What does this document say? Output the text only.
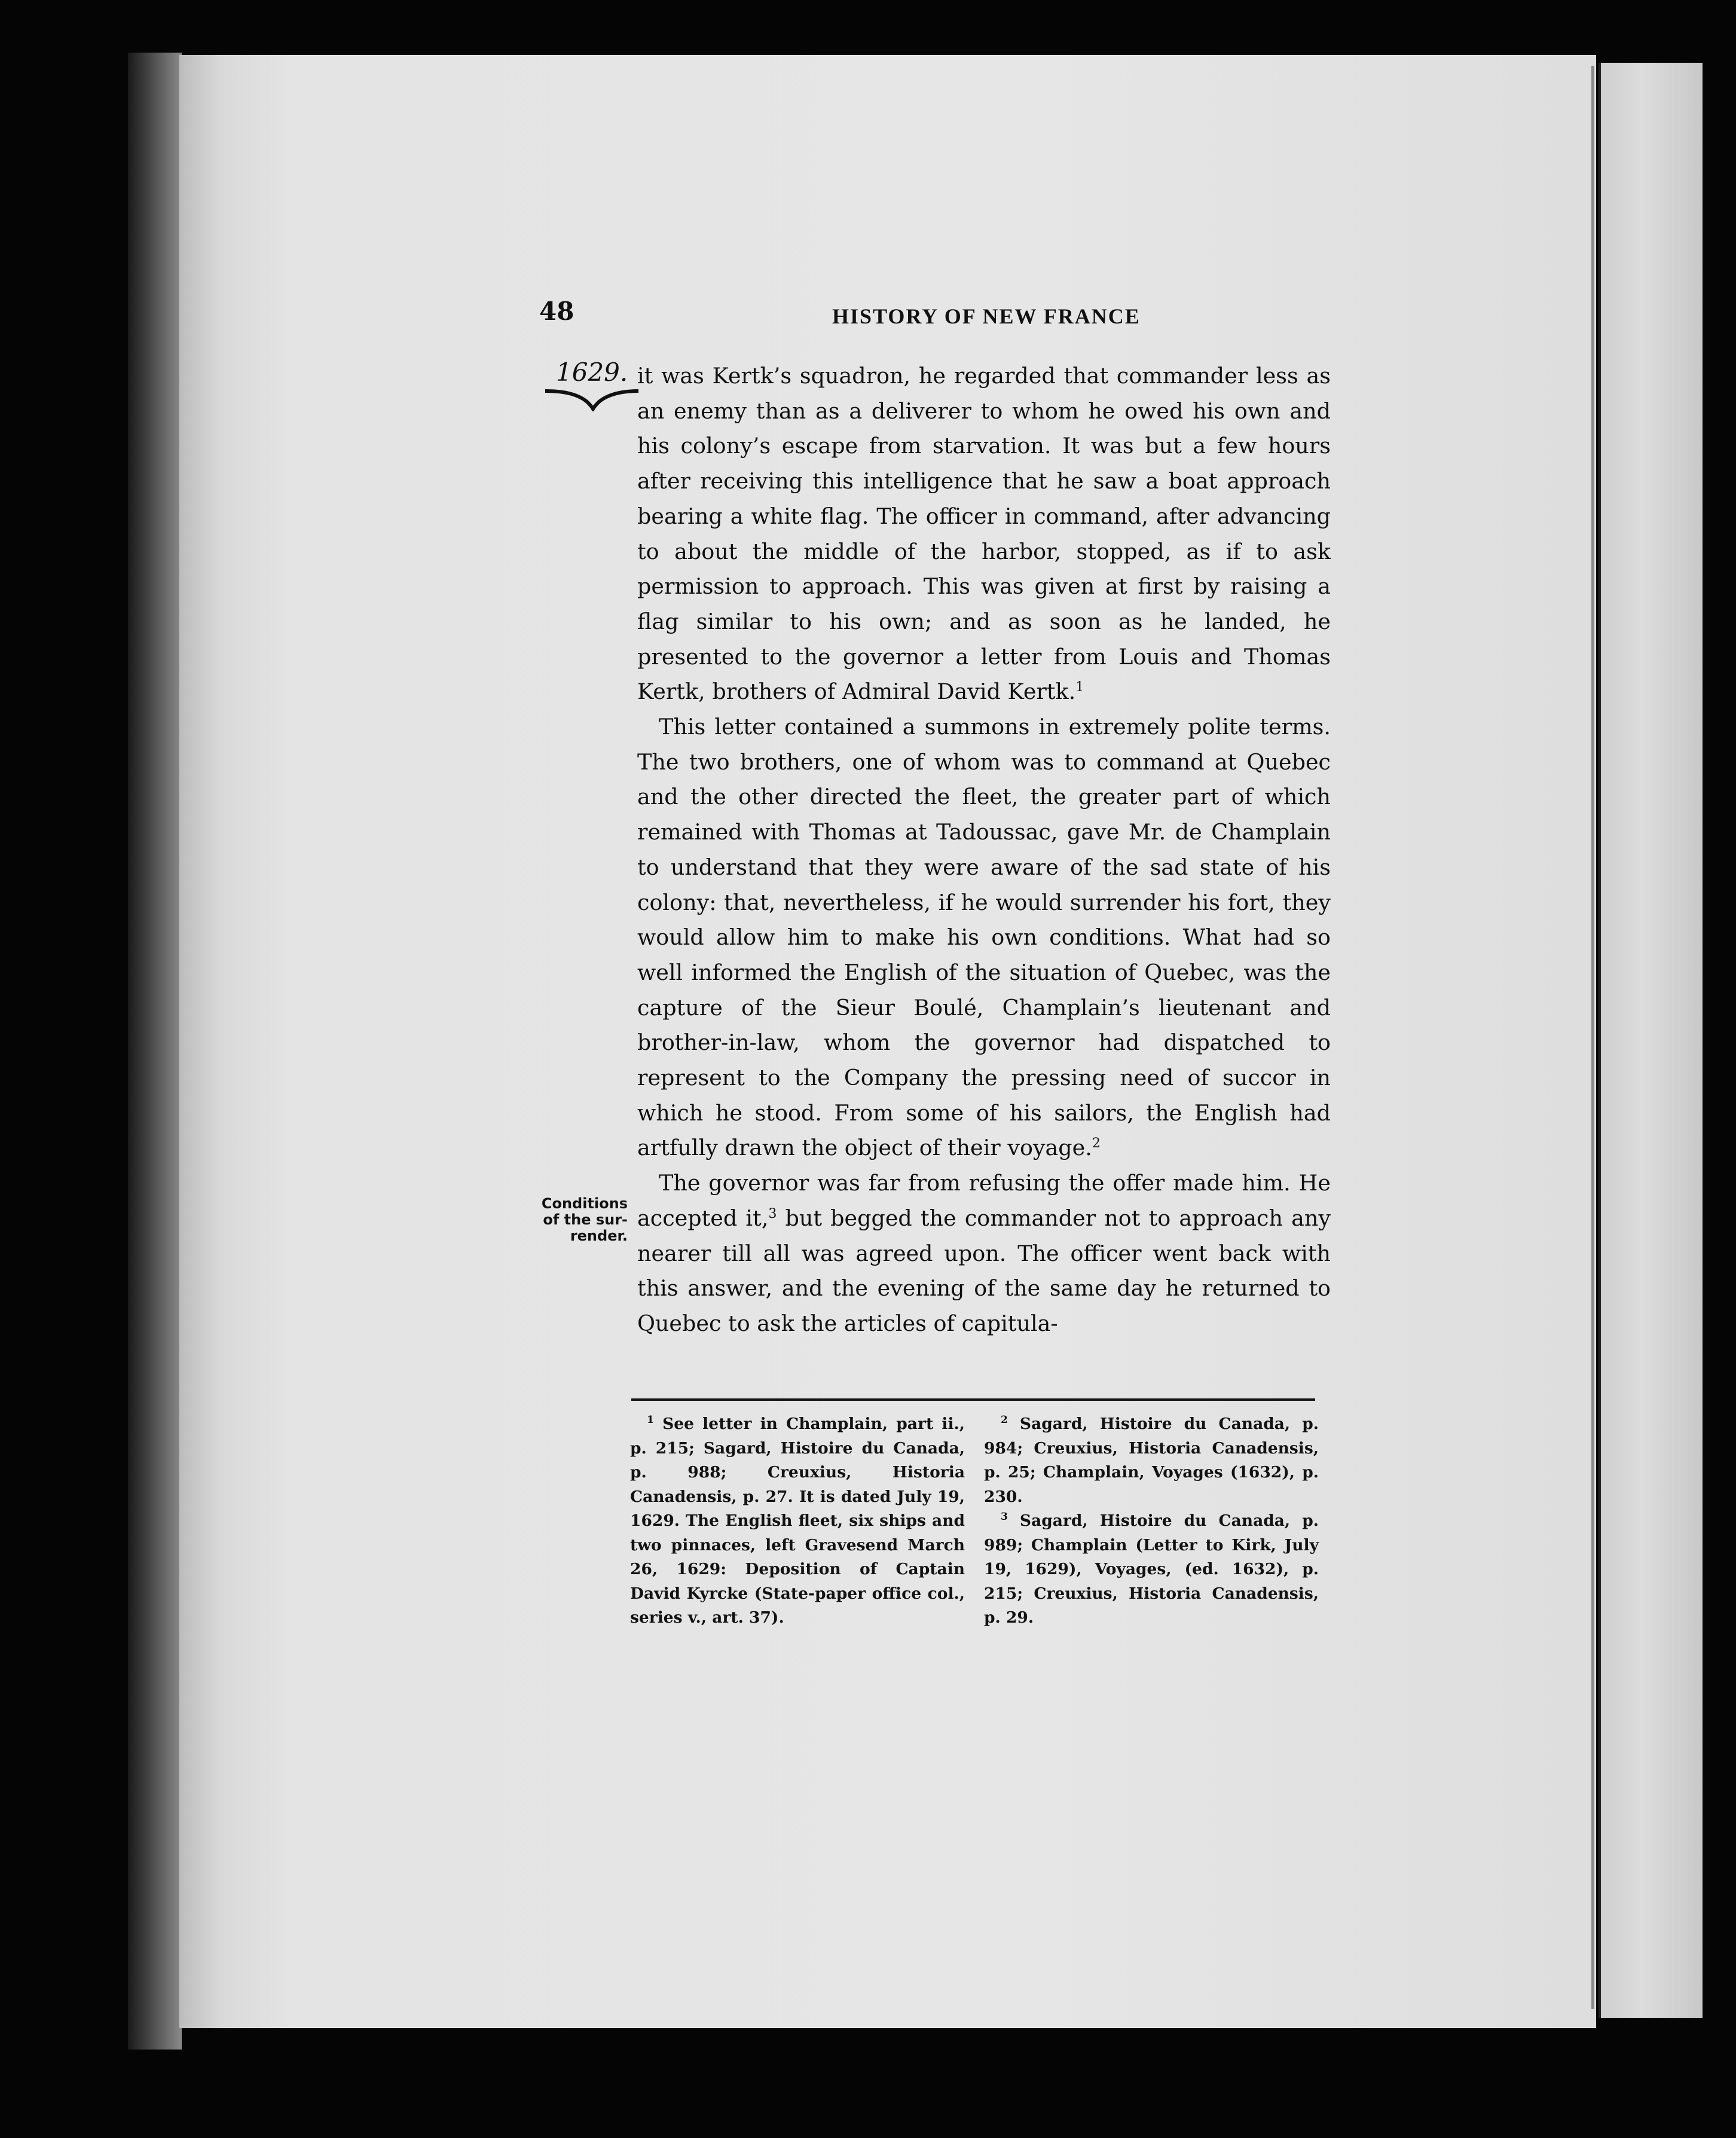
48	HISTORY OF NEW FRANCE
1629. it was Kertk’s squadron, he regarded that commander less as an enemy than as a deliverer to whom he owed his own and his colony’s escape from starvation. It was but a few hours after receiving this intelligence that he saw a boat approach bearing a white flag. The officer in command, after advancing to about the middle of the harbor, stopped, as if to ask permission to approach. This was given at first by raising a flag similar to his own; and as soon as he landed, he presented to the governor a letter from Louis and Thomas Kertk, brothers of Admiral David Kertk.$^1$

This letter contained a summons in extremely polite terms. The two brothers, one of whom was to command at Quebec and the other directed the fleet, the greater part of which remained with Thomas at Tadoussac, gave Mr. de Champlain to understand that they were aware of the sad state of his colony: that, nevertheless, if he would surrender his fort, they would allow him to make his own conditions. What had so well informed the English of the situation of Quebec, was the capture of the Sieur Boulé, Champlain’s lieutenant and brother-in-law, whom the governor had dispatched to represent to the Company the pressing need of succor in which he stood. From some of his sailors, the English had artfully drawn the object of their voyage.$^2$

The governor was far from refusing the offer made him. He accepted it,$^3$ but begged the commander not to approach any nearer till all was agreed upon. The officer went back with this answer, and the evening of the same day he returned to Quebec to ask the articles of capitula-

Conditions
of the sur-
render.

$^1$ See letter in Champlain, part ii., p. 215; Sagard, Histoire du Canada, p. 988; Creuxius, Historia Canadensis, p. 27. It is dated July 19, 1629. The English fleet, six ships and two pinnaces, left Gravesend March 26, 1629: Deposition of Captain David Kyrcke (State-paper office col., series v., art. 37).

$^2$ Sagard, Histoire du Canada, p. 984; Creuxius, Historia Canadensis, p. 25; Champlain, Voyages (1632), p. 230.

$^3$ Sagard, Histoire du Canada, p. 989; Champlain (Letter to Kirk, July 19, 1629), Voyages, (ed. 1632), p. 215; Creuxius, Historia Canadensis, p. 29.
